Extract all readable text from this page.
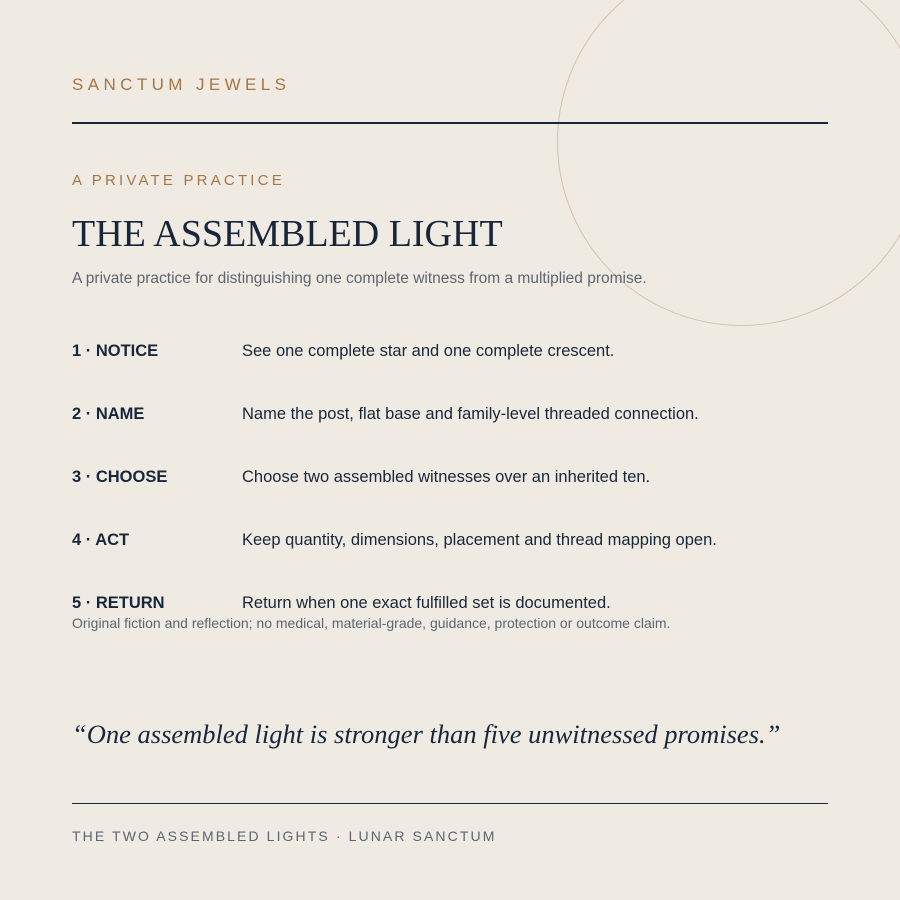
SANCTUM JEWELS
A PRIVATE PRACTICE
THE ASSEMBLED LIGHT
A private practice for distinguishing one complete witness from a multiplied promise.
1 · NOTICE	See one complete star and one complete crescent.
2 · NAME	Name the post, flat base and family-level threaded connection.
3 · CHOOSE	Choose two assembled witnesses over an inherited ten.
4 · ACT	Keep quantity, dimensions, placement and thread mapping open.
5 · RETURN	Return when one exact fulfilled set is documented.
Original fiction and reflection; no medical, material-grade, guidance, protection or outcome claim.
“One assembled light is stronger than five unwitnessed promises.”
THE TWO ASSEMBLED LIGHTS · LUNAR SANCTUM
